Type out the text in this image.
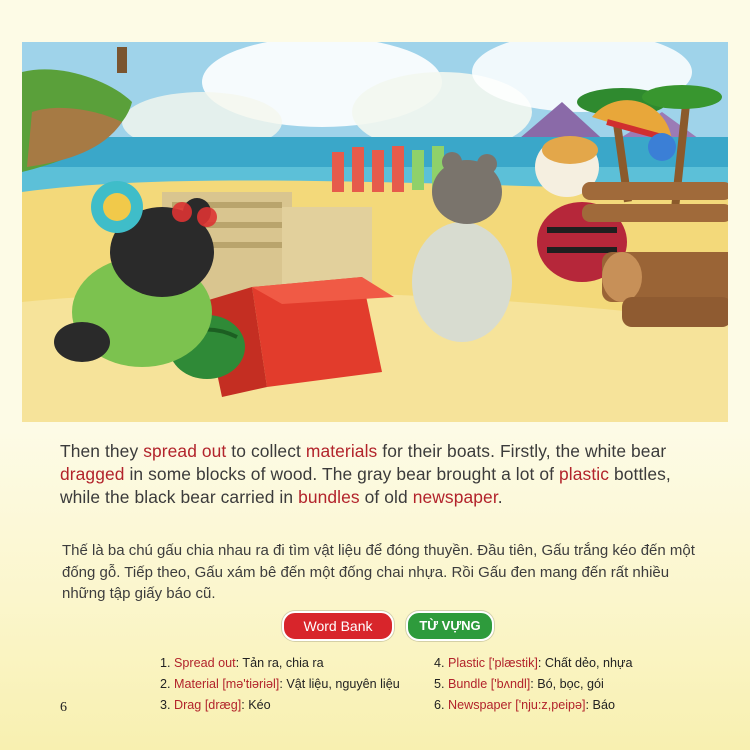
Then they spread out to collect materials for their boats. Firstly, the white bear dragged in some blocks of wood. The gray bear brought a lot of plastic bottles, while the black bear carried in bundles of old newspaper.
Thế là ba chú gấu chia nhau ra đi tìm vật liệu để đóng thuyền. Đầu tiên, Gấu trắng kéo đến một đống gỗ. Tiếp theo, Gấu xám bê đến một đống chai nhựa. Rồi Gấu đen mang đến rất nhiều những tập giấy báo cũ.
Word Bank	TỪ VỰNG
1. Spread out: Tản ra, chia ra
2. Material [mə'tiəriəl]: Vật liệu, nguyên liệu
3. Drag [dræg]: Kéo
4. Plastic ['plæstik]: Chất dẻo, nhựa
5. Bundle ['bʌndl]: Bó, bọc, gói
6. Newspaper ['nju:z,peipə]: Báo
6
